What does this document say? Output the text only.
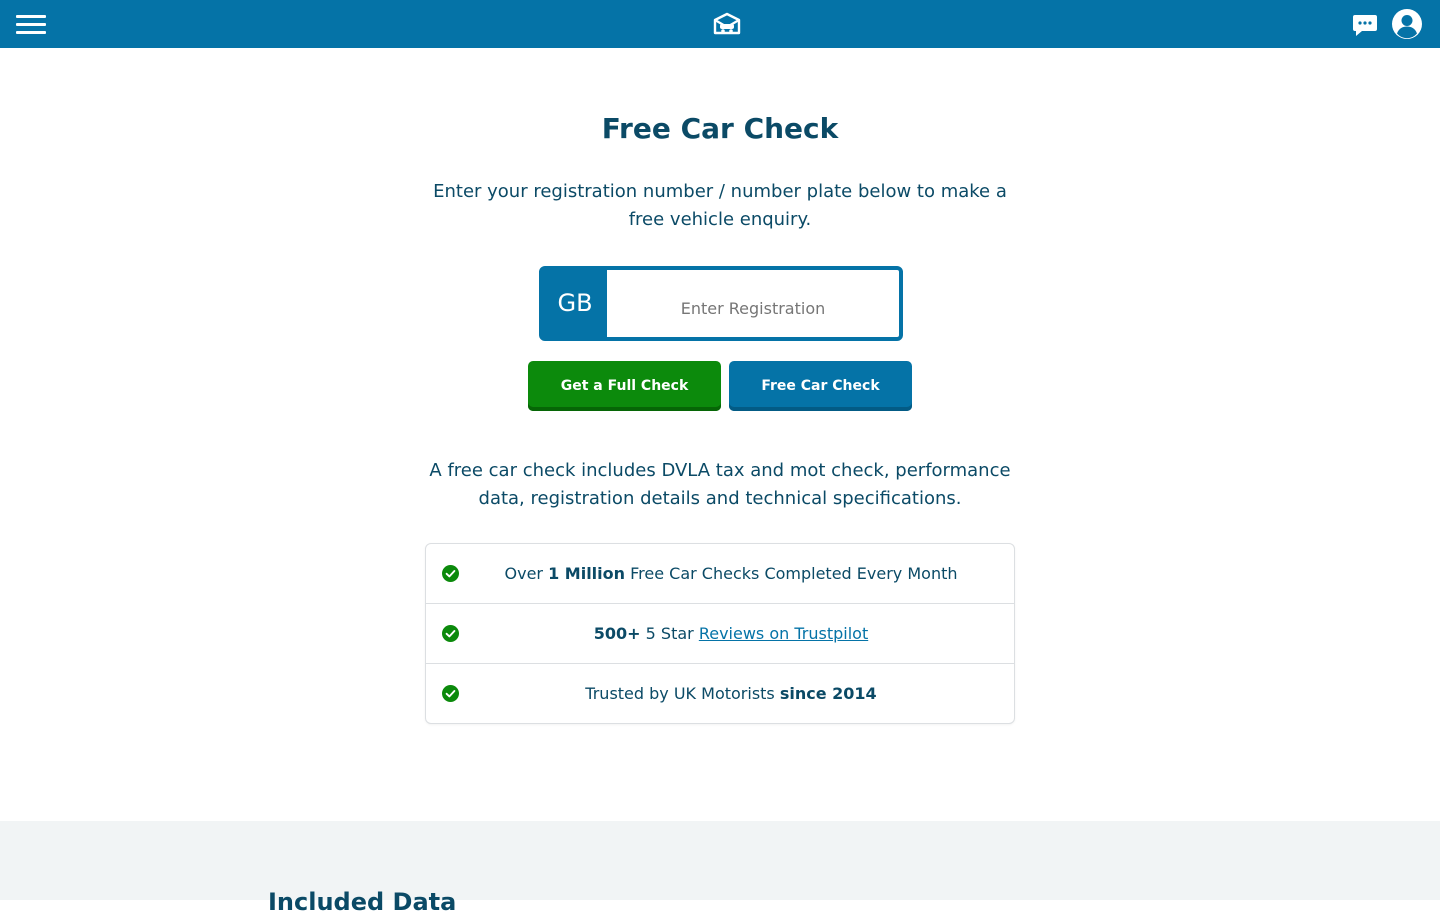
Free Car Check

Enter your registration number / number plate below to make a free vehicle enquiry.

GB
Enter Registration
Get a Full Check	Free Car Check

A free car check includes DVLA tax and mot check, performance data, registration details and technical specifications.

Over 1 Million Free Car Checks Completed Every Month
500+ 5 Star Reviews on Trustpilot
Trusted by UK Motorists since 2014
Included Data
